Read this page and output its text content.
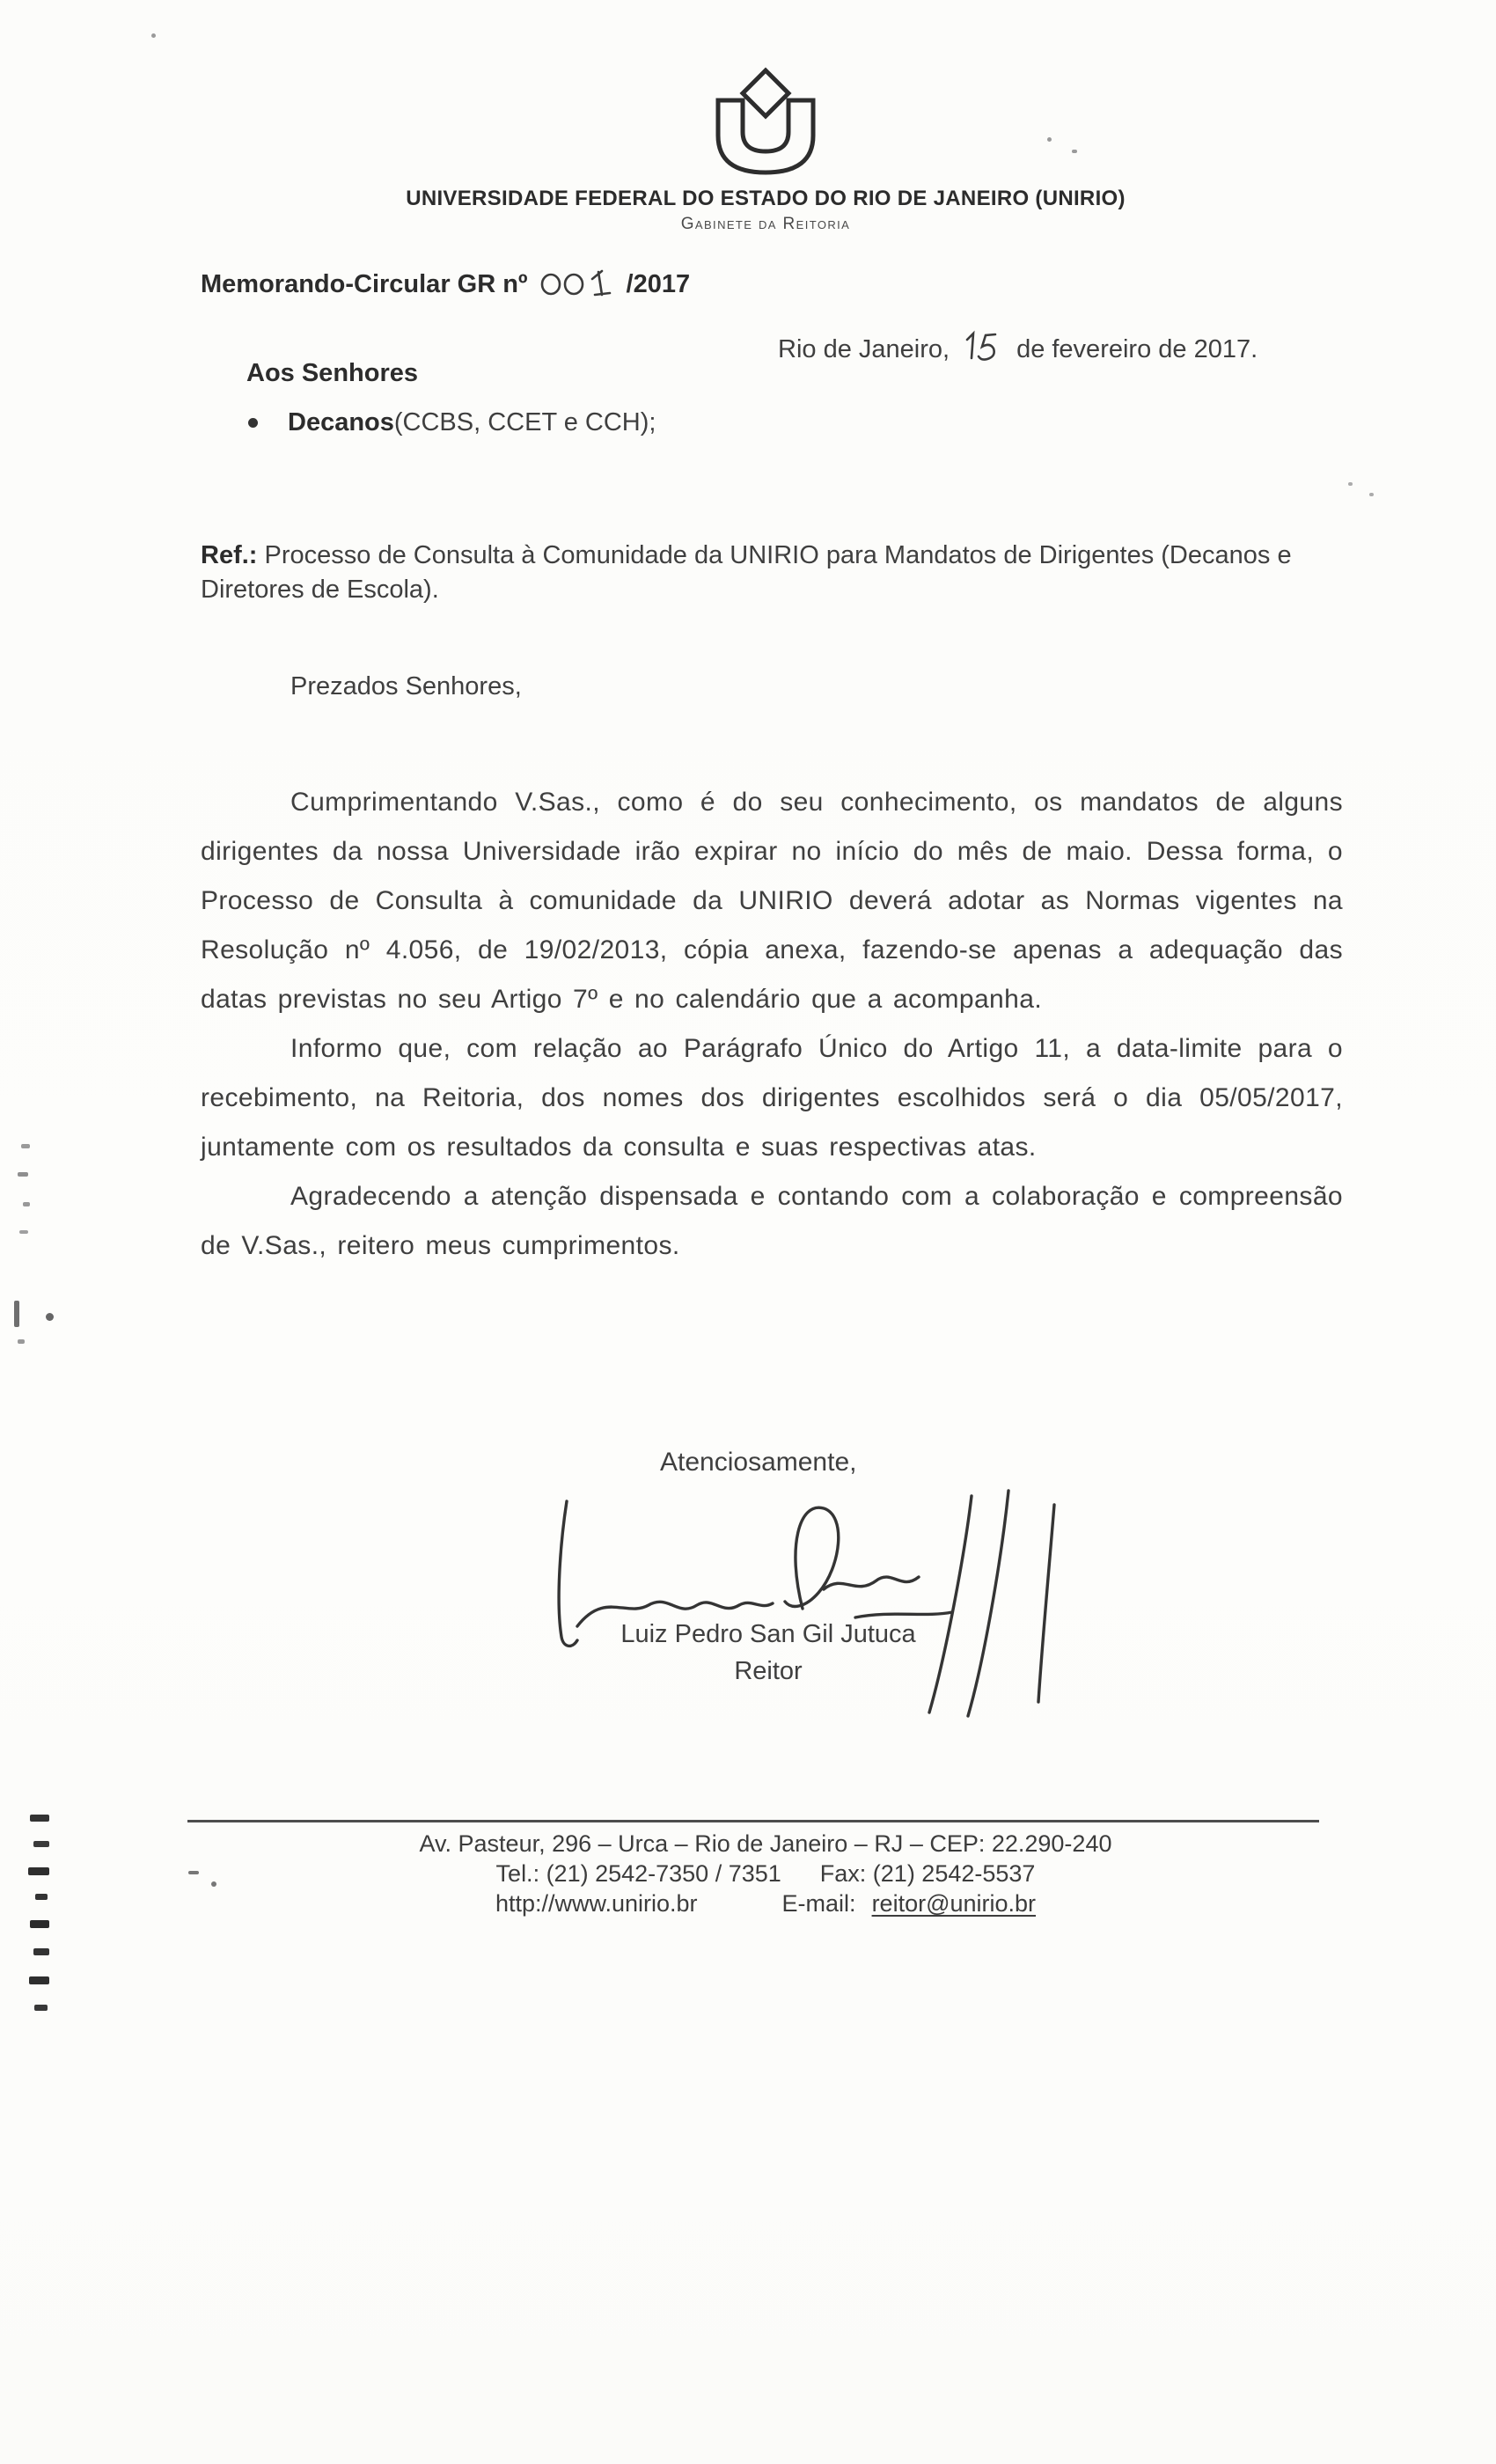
UNIVERSIDADE FEDERAL DO ESTADO DO RIO DE JANEIRO (UNIRIO)
Gabinete da Reitoria
Memorando-Circular GR nº	/2017
Rio de Janeiro,	de fevereiro de 2017.
Aos Senhores
Decanos (CCBS, CCET e CCH);
Ref.: Processo de Consulta à Comunidade da UNIRIO para Mandatos de Dirigentes (Decanos e Diretores de Escola).
Prezados Senhores,

Cumprimentando V.Sas., como é do seu conhecimento, os mandatos de alguns dirigentes da nossa Universidade irão expirar no início do mês de maio. Dessa forma, o Processo de Consulta à comunidade da UNIRIO deverá adotar as Normas vigentes na Resolução nº 4.056, de 19/02/2013, cópia anexa, fazendo-se apenas a adequação das datas previstas no seu Artigo 7º e no calendário que a acompanha.

Informo que, com relação ao Parágrafo Único do Artigo 11, a data-limite para o recebimento, na Reitoria, dos nomes dos dirigentes escolhidos será o dia 05/05/2017, juntamente com os resultados da consulta e suas respectivas atas.

Agradecendo a atenção dispensada e contando com a colaboração e compreensão de V.Sas., reitero meus cumprimentos.

Atenciosamente,
Luiz Pedro San Gil Jutuca
Reitor
Av. Pasteur, 296 – Urca – Rio de Janeiro – RJ – CEP: 22.290-240
Tel.: (21) 2542-7350 / 7351 Fax: (21) 2542-5537
http://www.unirio.br	E-mail: reitor@unirio.br
